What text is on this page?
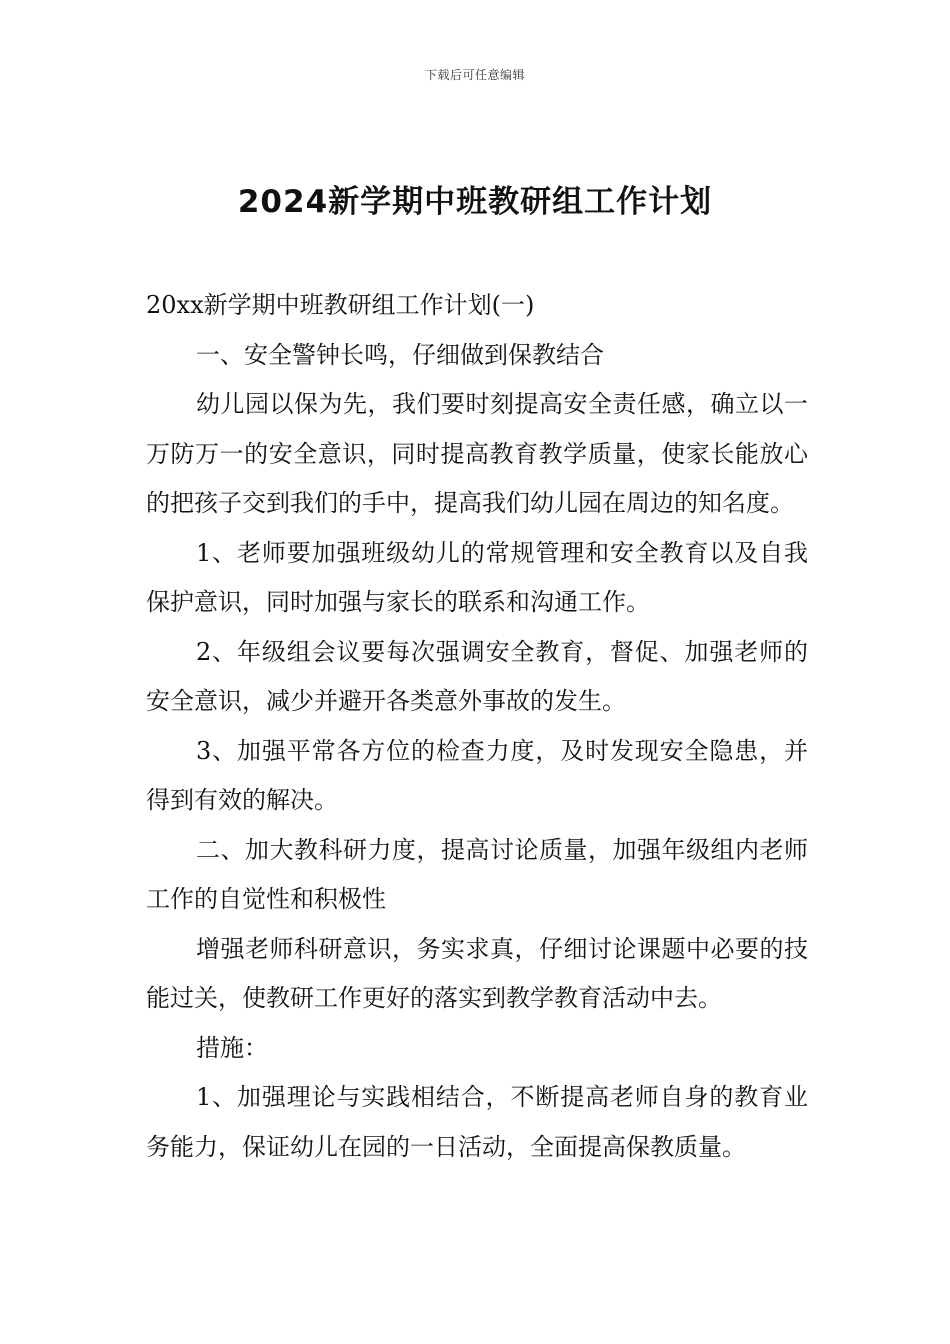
下载后可任意编辑
2024新学期中班教研组工作计划

20xx新学期中班教研组工作计划(一)

一、安全警钟长鸣，仔细做到保教结合

幼儿园以保为先，我们要时刻提高安全责任感，确立以一万防万一的安全意识，同时提高教育教学质量，使家长能放心的把孩子交到我们的手中，提高我们幼儿园在周边的知名度。

1、老师要加强班级幼儿的常规管理和安全教育以及自我保护意识，同时加强与家长的联系和沟通工作。

2、年级组会议要每次强调安全教育，督促、加强老师的安全意识，减少并避开各类意外事故的发生。

3、加强平常各方位的检查力度，及时发现安全隐患，并得到有效的解决。

二、加大教科研力度，提高讨论质量，加强年级组内老师工作的自觉性和积极性

增强老师科研意识，务实求真，仔细讨论课题中必要的技能过关，使教研工作更好的落实到教学教育活动中去。

措施：

1、加强理论与实践相结合，不断提高老师自身的教育业务能力，保证幼儿在园的一日活动，全面提高保教质量。
